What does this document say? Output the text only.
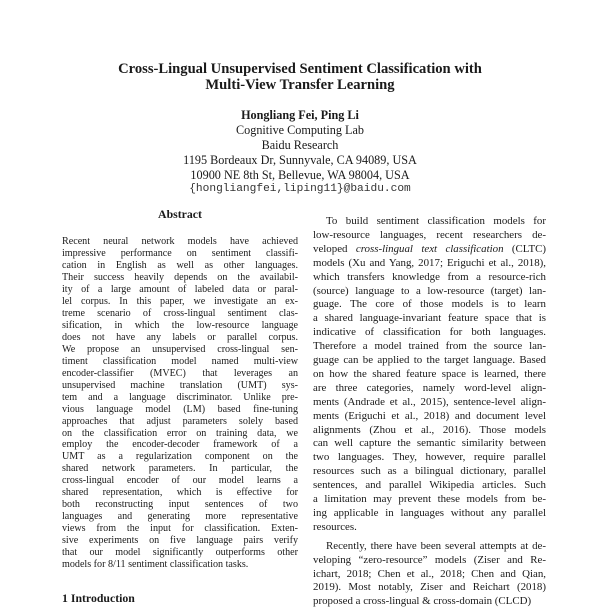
Cross-Lingual Unsupervised Sentiment Classification with
Multi-View Transfer Learning
Hongliang Fei, Ping Li
Cognitive Computing Lab
Baidu Research
1195 Bordeaux Dr, Sunnyvale, CA 94089, USA
10900 NE 8th St, Bellevue, WA 98004, USA
{hongliangfei,liping11}@baidu.com
Abstract
Recent neural network models have achieved
impressive performance on sentiment classifi-
cation in English as well as other languages.
Their success heavily depends on the availabil-
ity of a large amount of labeled data or paral-
lel corpus. In this paper, we investigate an ex-
treme scenario of cross-lingual sentiment clas-
sification, in which the low-resource language
does not have any labels or parallel corpus.
We propose an unsupervised cross-lingual sen-
timent classification model named multi-view
encoder-classifier (MVEC) that leverages an
unsupervised machine translation (UMT) sys-
tem and a language discriminator. Unlike pre-
vious language model (LM) based fine-tuning
approaches that adjust parameters solely based
on the classification error on training data, we
employ the encoder-decoder framework of a
UMT as a regularization component on the
shared network parameters. In particular, the
cross-lingual encoder of our model learns a
shared representation, which is effective for
both reconstructing input sentences of two
languages and generating more representative
views from the input for classification. Exten-
sive experiments on five language pairs verify
that our model significantly outperforms other
models for 8/11 sentiment classification tasks.
1 Introduction
To build sentiment classification models for
low-resource languages, recent researchers de-
veloped cross-lingual text classification (CLTC)
models (Xu and Yang, 2017; Eriguchi et al., 2018),
which transfers knowledge from a resource-rich
(source) language to a low-resource (target) lan-
guage. The core of those models is to learn
a shared language-invariant feature space that is
indicative of classification for both languages.
Therefore a model trained from the source lan-
guage can be applied to the target language. Based
on how the shared feature space is learned, there
are three categories, namely word-level align-
ments (Andrade et al., 2015), sentence-level align-
ments (Eriguchi et al., 2018) and document level
alignments (Zhou et al., 2016). Those models
can well capture the semantic similarity between
two languages. They, however, require parallel
resources such as a bilingual dictionary, parallel
sentences, and parallel Wikipedia articles. Such
a limitation may prevent these models from be-
ing applicable in languages without any parallel
resources.
Recently, there have been several attempts at de-
veloping “zero-resource” models (Ziser and Re-
ichart, 2018; Chen et al., 2018; Chen and Qian,
2019). Most notably, Ziser and Reichart (2018)
proposed a cross-lingual & cross-domain (CLCD)
